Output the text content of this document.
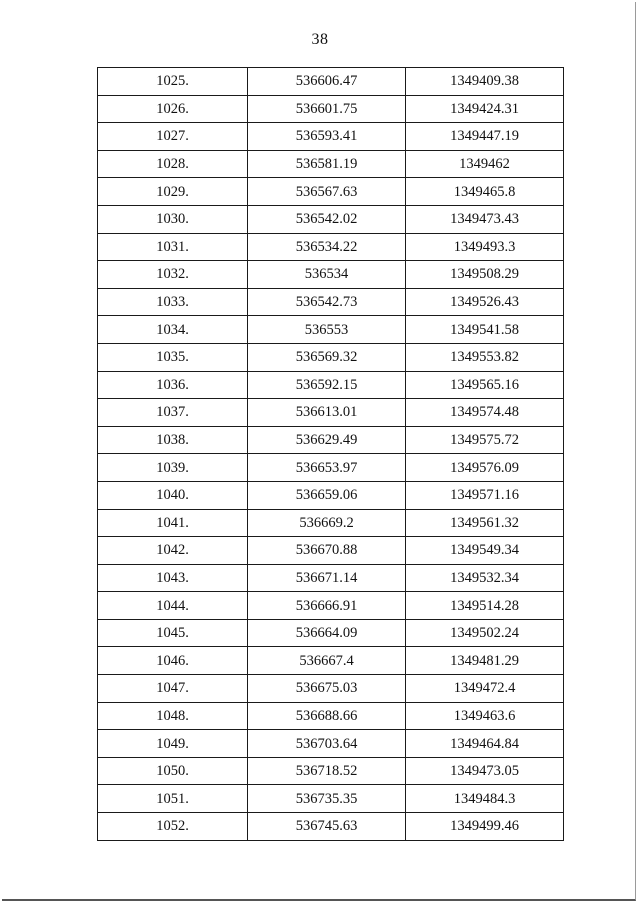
38
1025.	536606.47	1349409.38
1026.	536601.75	1349424.31
1027.	536593.41	1349447.19
1028.	536581.19	1349462
1029.	536567.63	1349465.8
1030.	536542.02	1349473.43
1031.	536534.22	1349493.3
1032.	536534	1349508.29
1033.	536542.73	1349526.43
1034.	536553	1349541.58
1035.	536569.32	1349553.82
1036.	536592.15	1349565.16
1037.	536613.01	1349574.48
1038.	536629.49	1349575.72
1039.	536653.97	1349576.09
1040.	536659.06	1349571.16
1041.	536669.2	1349561.32
1042.	536670.88	1349549.34
1043.	536671.14	1349532.34
1044.	536666.91	1349514.28
1045.	536664.09	1349502.24
1046.	536667.4	1349481.29
1047.	536675.03	1349472.4
1048.	536688.66	1349463.6
1049.	536703.64	1349464.84
1050.	536718.52	1349473.05
1051.	536735.35	1349484.3
1052.	536745.63	1349499.46
